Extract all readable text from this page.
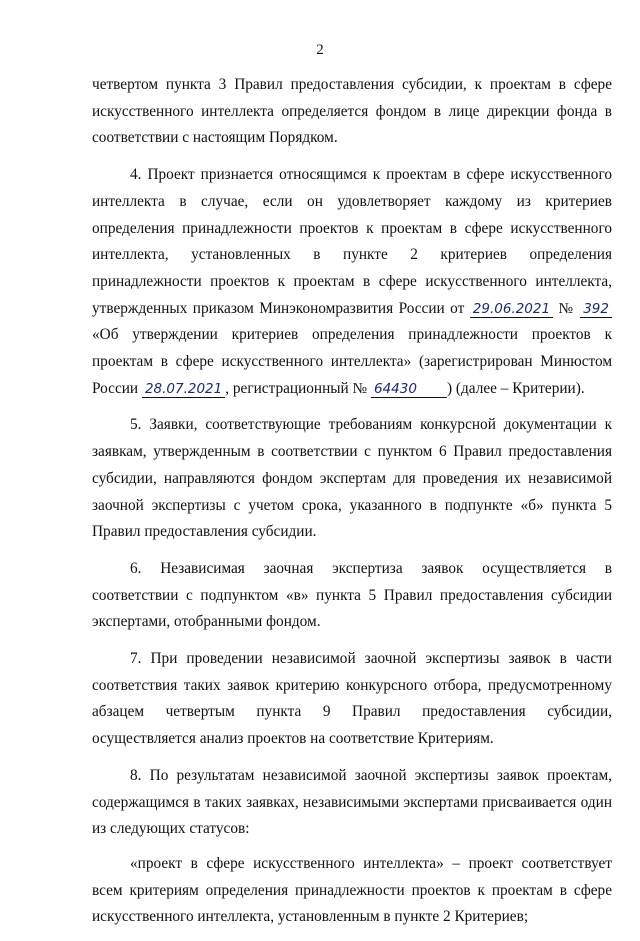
2

четвертом пункта 3 Правил предоставления субсидии, к проектам в сфере искусственного интеллекта определяется фондом в лице дирекции фонда в соответствии с настоящим Порядком.

4. Проект признается относящимся к проектам в сфере искусственного интеллекта в случае, если он удовлетворяет каждому из критериев определения принадлежности проектов к проектам в сфере искусственного интеллекта, установленных в пункте 2 критериев определения принадлежности проектов к проектам в сфере искусственного интеллекта, утвержденных приказом Минэкономразвития России от 29.06.2021 № 392 «Об утверждении критериев определения принадлежности проектов к проектам в сфере искусственного интеллекта» (зарегистрирован Минюстом России 28.07.2021 , регистрационный № 64430 ) (далее – Критерии).

5. Заявки, соответствующие требованиям конкурсной документации к заявкам, утвержденным в соответствии с пунктом 6 Правил предоставления субсидии, направляются фондом экспертам для проведения их независимой заочной экспертизы с учетом срока, указанного в подпункте «б» пункта 5 Правил предоставления субсидии.

6. Независимая заочная экспертиза заявок осуществляется в соответствии с подпунктом «в» пункта 5 Правил предоставления субсидии экспертами, отобранными фондом.

7. При проведении независимой заочной экспертизы заявок в части соответствия таких заявок критерию конкурсного отбора, предусмотренному абзацем четвертым пункта 9 Правил предоставления субсидии, осуществляется анализ проектов на соответствие Критериям.

8. По результатам независимой заочной экспертизы заявок проектам, содержащимся в таких заявках, независимыми экспертами присваивается один из следующих статусов:

«проект в сфере искусственного интеллекта» – проект соответствует всем критериям определения принадлежности проектов к проектам в сфере искусственного интеллекта, установленным в пункте 2 Критериев;
